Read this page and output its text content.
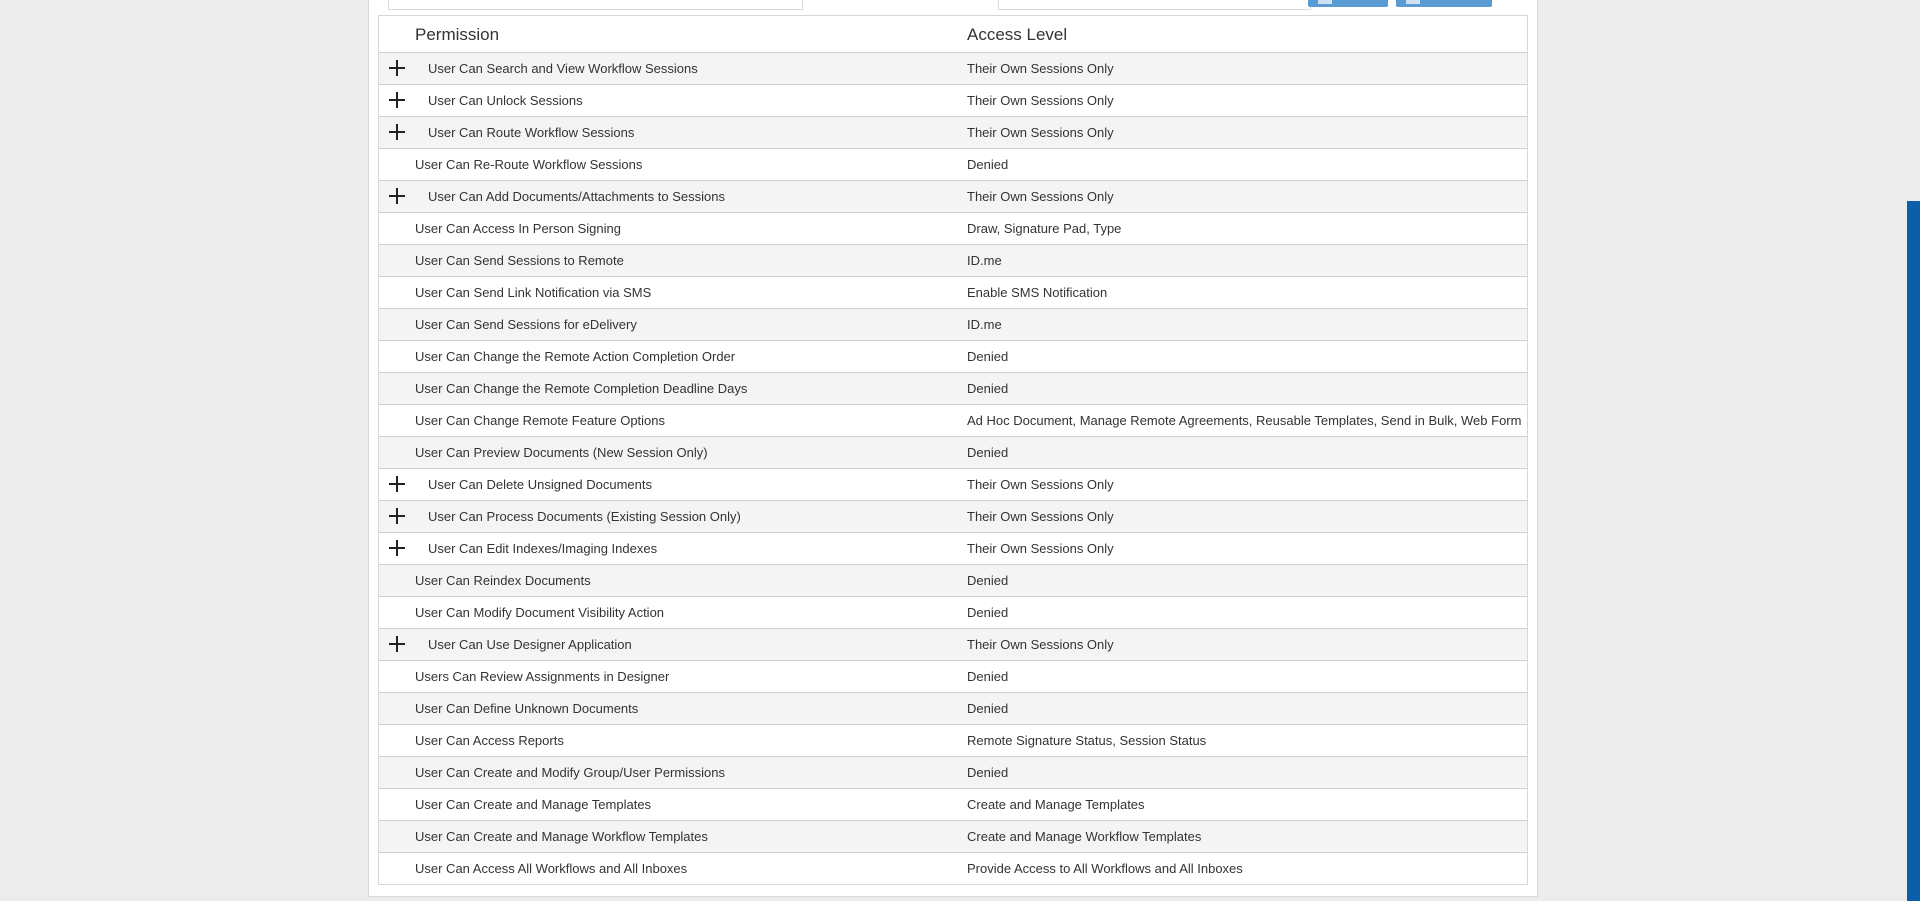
Permission	Access Level
User Can Search and View Workflow Sessions	Their Own Sessions Only
User Can Unlock Sessions	Their Own Sessions Only
User Can Route Workflow Sessions	Their Own Sessions Only
User Can Re-Route Workflow Sessions	Denied
User Can Add Documents/Attachments to Sessions	Their Own Sessions Only
User Can Access In Person Signing	Draw, Signature Pad, Type
User Can Send Sessions to Remote	ID.me
User Can Send Link Notification via SMS	Enable SMS Notification
User Can Send Sessions for eDelivery	ID.me
User Can Change the Remote Action Completion Order	Denied
User Can Change the Remote Completion Deadline Days	Denied
User Can Change Remote Feature Options	Ad Hoc Document, Manage Remote Agreements, Reusable Templates, Send in Bulk, Web Form
User Can Preview Documents (New Session Only)	Denied
User Can Delete Unsigned Documents	Their Own Sessions Only
User Can Process Documents (Existing Session Only)	Their Own Sessions Only
User Can Edit Indexes/Imaging Indexes	Their Own Sessions Only
User Can Reindex Documents	Denied
User Can Modify Document Visibility Action	Denied
User Can Use Designer Application	Their Own Sessions Only
Users Can Review Assignments in Designer	Denied
User Can Define Unknown Documents	Denied
User Can Access Reports	Remote Signature Status, Session Status
User Can Create and Modify Group/User Permissions	Denied
User Can Create and Manage Templates	Create and Manage Templates
User Can Create and Manage Workflow Templates	Create and Manage Workflow Templates
User Can Access All Workflows and All Inboxes	Provide Access to All Workflows and All Inboxes
